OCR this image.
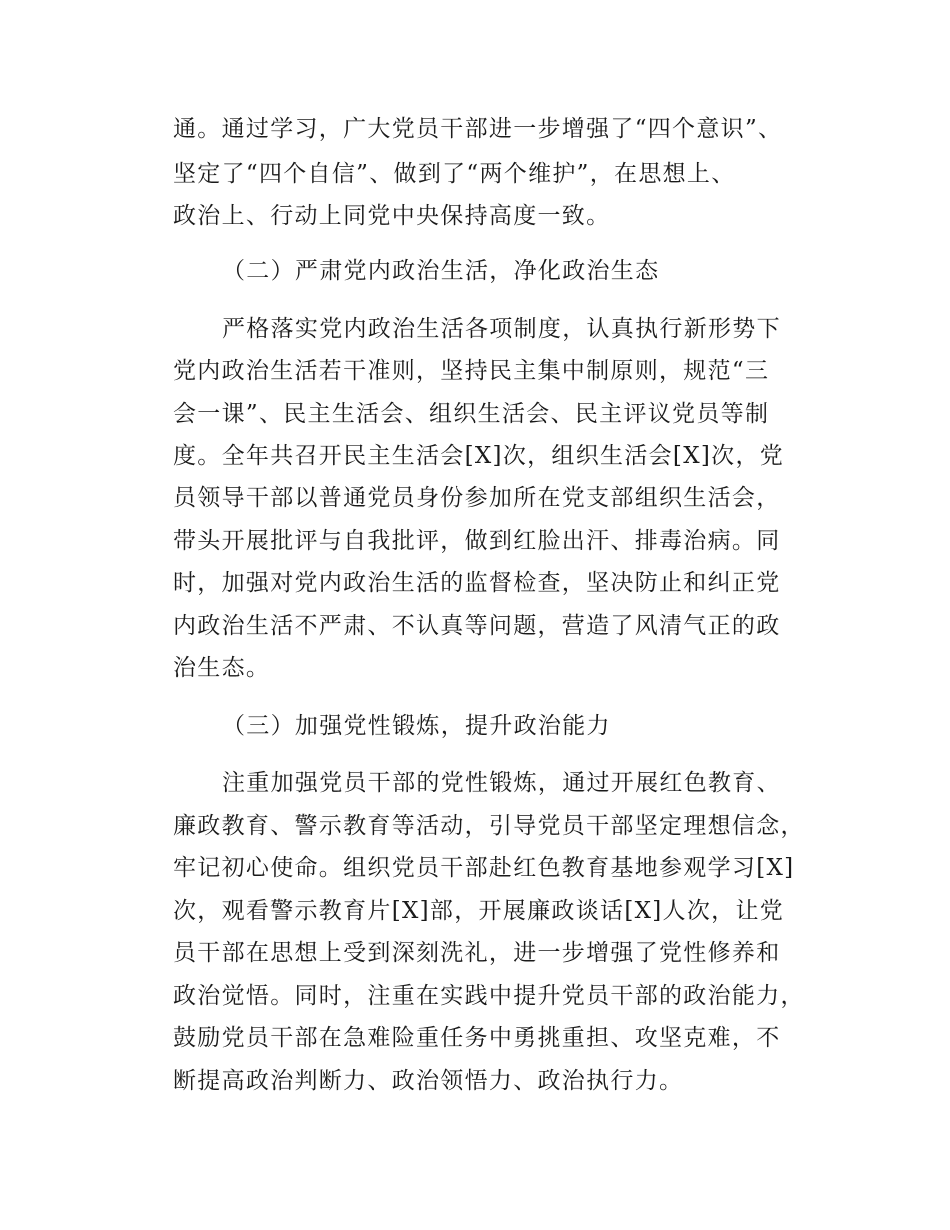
通。通过学习，广大党员干部进一步增强了“四个意识”、
坚定了“四个自信”、做到了“两个维护”，在思想上、
政治上、行动上同党中央保持高度一致。
（二）严肃党内政治生活，净化政治生态
严格落实党内政治生活各项制度，认真执行新形势下
党内政治生活若干准则，坚持民主集中制原则，规范“三
会一课”、民主生活会、组织生活会、民主评议党员等制
度。全年共召开民主生活会[X]次，组织生活会[X]次，党
员领导干部以普通党员身份参加所在党支部组织生活会，
带头开展批评与自我批评，做到红脸出汗、排毒治病。同
时，加强对党内政治生活的监督检查，坚决防止和纠正党
内政治生活不严肃、不认真等问题，营造了风清气正的政
治生态。
（三）加强党性锻炼，提升政治能力
注重加强党员干部的党性锻炼，通过开展红色教育、
廉政教育、警示教育等活动，引导党员干部坚定理想信念，
牢记初心使命。组织党员干部赴红色教育基地参观学习[X]
次，观看警示教育片[X]部，开展廉政谈话[X]人次，让党
员干部在思想上受到深刻洗礼，进一步增强了党性修养和
政治觉悟。同时，注重在实践中提升党员干部的政治能力，
鼓励党员干部在急难险重任务中勇挑重担、攻坚克难，不
断提高政治判断力、政治领悟力、政治执行力。
